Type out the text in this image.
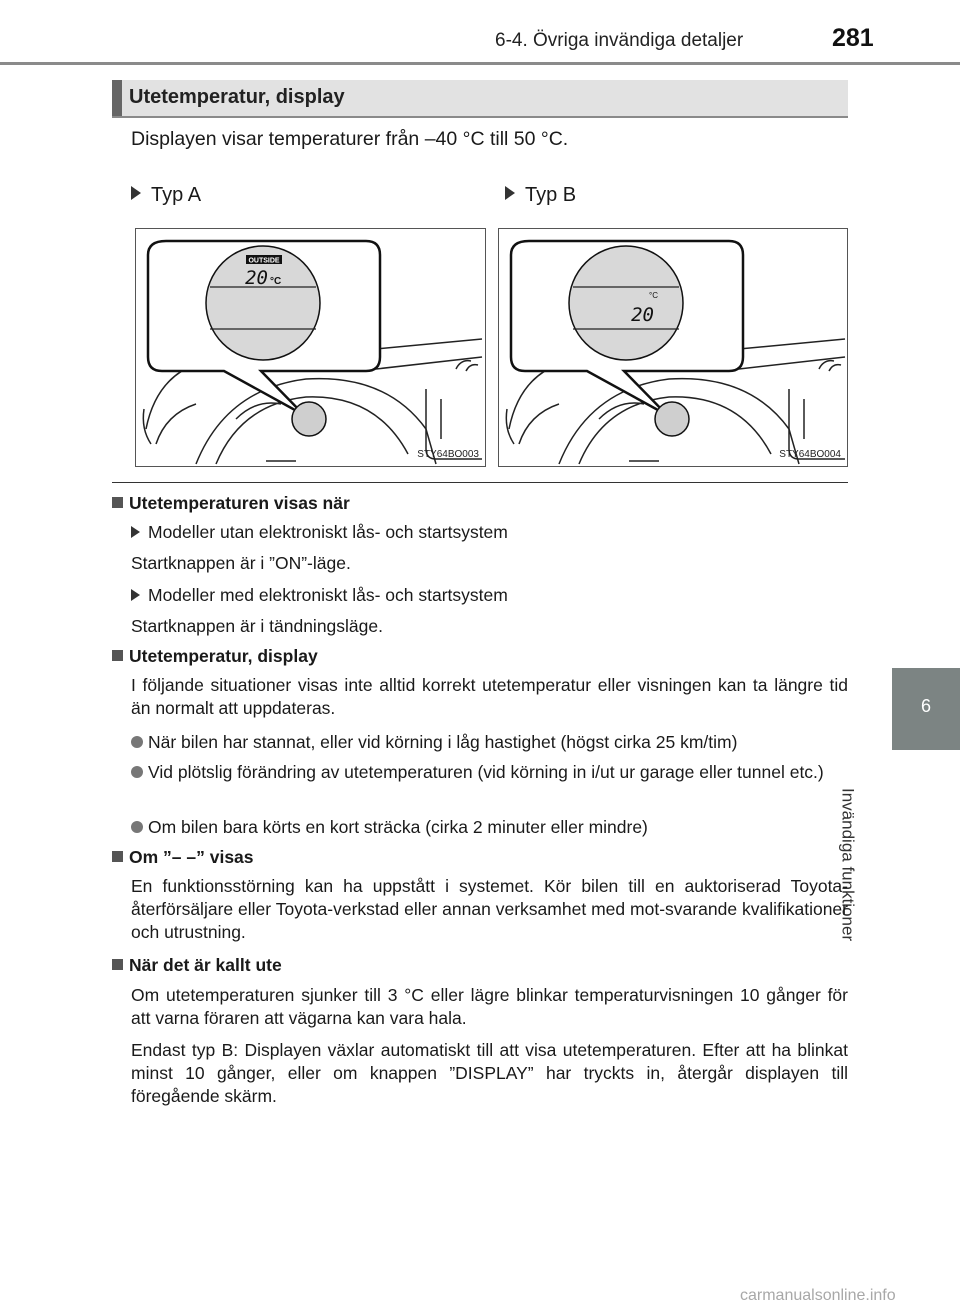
6-4. Övriga invändiga detaljer	281
6
Invändiga funktioner
Utetemperatur, display
Displayen visar temperaturer från –40 °C till 50 °C.
Typ A	Typ B
OUTSIDE
20 °C
STY64BO003
20
°C
STY64BO004
Utetemperaturen visas när
Modeller utan elektroniskt lås- och startsystem
Startknappen är i ”ON”-läge.
Modeller med elektroniskt lås- och startsystem
Startknappen är i tändningsläge.
Utetemperatur, display
I följande situationer visas inte alltid korrekt utetemperatur eller visningen kan ta längre tid än normalt att uppdateras.
När bilen har stannat, eller vid körning i låg hastighet (högst cirka 25 km/tim)
Vid plötslig förändring av utetemperaturen (vid körning in i/ut ur garage eller tunnel etc.)
Om bilen bara körts en kort sträcka (cirka 2 minuter eller mindre)
Om ”– –” visas
En funktionsstörning kan ha uppstått i systemet. Kör bilen till en auktoriserad Toyota-återförsäljare eller Toyota-verkstad eller annan verksamhet med mot-svarande kvalifikationer och utrustning.
När det är kallt ute
Om utetemperaturen sjunker till 3 °C eller lägre blinkar temperaturvisningen 10 gånger för att varna föraren att vägarna kan vara hala.
Endast typ B: Displayen växlar automatiskt till att visa utetemperaturen. Efter att ha blinkat minst 10 gånger, eller om knappen ”DISPLAY” har tryckts in, återgår displayen till föregående skärm.
carmanualsonline.info
